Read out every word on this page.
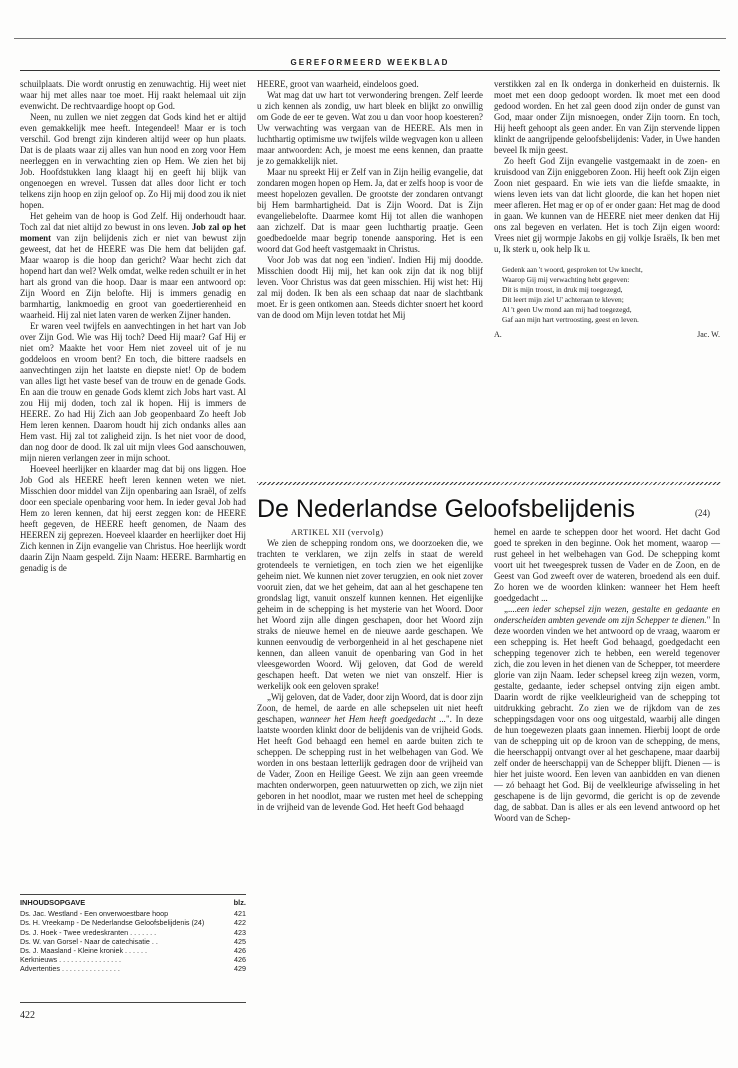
GEREFORMEERD WEEKBLAD

schuilplaats. Die wordt onrustig en zenuwachtig. Hij weet niet waar hij met alles naar toe moet. Hij raakt helemaal uit zijn evenwicht. De rechtvaardige hoopt op God.

Neen, nu zullen we niet zeggen dat Gods kind het er altijd even gemakkelijk mee heeft. Integendeel! Maar er is toch verschil. God brengt zijn kinderen altijd weer op hun plaats. Dat is de plaats waar zij alles van hun nood en zorg voor Hem neerleggen en in verwachting zien op Hem. We zien het bij Job. Hoofdstukken lang klaagt hij en geeft hij blijk van ongenoegen en wrevel. Tussen dat alles door licht er toch telkens zijn hoop en zijn geloof op. Zo Hij mij dood zou ik niet hopen.

Het geheim van de hoop is God Zelf. Hij onderhoudt haar. Toch zal dat niet altijd zo bewust in ons leven. Job zal op het moment van zijn belijdenis zich er niet van bewust zijn geweest, dat het de HEERE was Die hem dat belijden gaf. Maar waarop is die hoop dan gericht? Waar hecht zich dat hopend hart dan wel? Welk omdat, welke reden schuilt er in het hart als grond van die hoop. Daar is maar een antwoord op: Zijn Woord en Zijn belofte. Hij is immers genadig en barmhartig, lankmoedig en groot van goedertierenheid en waarheid. Hij zal niet laten varen de werken Zijner handen.

Er waren veel twijfels en aanvechtingen in het hart van Job over Zijn God. Wie was Hij toch? Deed Hij maar? Gaf Hij er niet om? Maakte het voor Hem niet zoveel uit of je nu goddeloos en vroom bent? En toch, die bittere raadsels en aanvechtingen zijn het laatste en diepste niet! Op de bodem van alles ligt het vaste besef van de trouw en de genade Gods. En aan die trouw en genade Gods klemt zich Jobs hart vast. Al zou Hij mij doden, toch zal ik hopen. Hij is immers de HEERE. Zo had Hij Zich aan Job geopenbaard Zo heeft Job Hem leren kennen. Daarom houdt hij zich ondanks alles aan Hem vast. Hij zal tot zaligheid zijn. Is het niet voor de dood, dan nog door de dood. Ik zal uit mijn vlees God aanschouwen, mijn nieren verlangen zeer in mijn schoot.

Hoeveel heerlijker en klaarder mag dat bij ons liggen. Hoe Job God als HEERE heeft leren kennen weten we niet. Misschien door middel van Zijn openbaring aan Israël, of zelfs door een speciale openbaring voor hem. In ieder geval Job had Hem zo leren kennen, dat hij eerst zeggen kon: de HEERE heeft gegeven, de HEERE heeft genomen, de Naam des HEEREN zij geprezen. Hoeveel klaarder en heerlijker doet Hij Zich kennen in Zijn evangelie van Christus. Hoe heerlijk wordt daarin Zijn Naam gespeld. Zijn Naam: HEERE. Barmhartig en genadig is de

HEERE, groot van waarheid, eindeloos goed.

Wat mag dat uw hart tot verwondering brengen. Zelf leerde u zich kennen als zondig, uw hart bleek en blijkt zo onwillig om Gode de eer te geven. Wat zou u dan voor hoop koesteren? Uw verwachting was vergaan van de HEERE. Als men in luchthartig optimisme uw twijfels wilde wegvagen kon u alleen maar antwoorden: Ach, je moest me eens kennen, dan praatte je zo gemakkelijk niet.

Maar nu spreekt Hij er Zelf van in Zijn heilig evangelie, dat zondaren mogen hopen op Hem. Ja, dat er zelfs hoop is voor de meest hopelozen gevallen. De grootste der zondaren ontvangt bij Hem barmhartigheid. Dat is Zijn Woord. Dat is Zijn evangeliebelofte. Daarmee komt Hij tot allen die wanhopen aan zichzelf. Dat is maar geen luchthartig praatje. Geen goedbedoelde maar begrip tonende aansporing. Het is een woord dat God heeft vastgemaakt in Christus.

Voor Job was dat nog een 'indien'. Indien Hij mij doodde. Misschien doodt Hij mij, het kan ook zijn dat ik nog blijf leven. Voor Christus was dat geen misschien. Hij wist het: Hij zal mij doden. Ik ben als een schaap dat naar de slachtbank moet. Er is geen ontkomen aan. Steeds dichter snoert het koord van de dood om Mijn leven totdat het Mij

verstikken zal en Ik onderga in donkerheid en duisternis. Ik moet met een doop gedoopt worden. Ik moet met een dood gedood worden. En het zal geen dood zijn onder de gunst van God, maar onder Zijn misnoegen, onder Zijn toorn. En toch, Hij heeft gehoopt als geen ander. En van Zijn stervende lippen klinkt de aangrijpende geloofsbelijdenis: Vader, in Uwe handen beveel Ik mijn geest.

Zo heeft God Zijn evangelie vastgemaakt in de zoen- en kruisdood van Zijn eniggeboren Zoon. Hij heeft ook Zijn eigen Zoon niet gespaard. En wie iets van die liefde smaakte, in wiens leven iets van dat licht gloorde, die kan het hopen niet meer afleren. Het mag er op of er onder gaan: Het mag de dood in gaan. We kunnen van de HEERE niet meer denken dat Hij ons zal begeven en verlaten. Het is toch Zijn eigen woord: Vrees niet gij wormpje Jakobs en gij volkje Israëls, Ik ben met u, Ik sterk u, ook help Ik u.

Gedenk aan 't woord, gesproken tot Uw knecht,
Waarop Gij mij verwachting hebt gegeven:
Dit is mijn troost, in druk mij toegezegd,
Dit leert mijn ziel U' achteraan te kleven;
Al 't geen Uw mond aan mij had toegezegd,
Gaf aan mijn hart vertroosting, geest en leven.
A.	Jac. W.
De Nederlandse Geloofsbelijdenis	(24)

ARTIKEL XII (vervolg)

We zien de schepping rondom ons, we doorzoeken die, we trachten te verklaren, we zijn zelfs in staat de wereld grotendeels te vernietigen, en toch zien we het eigenlijke geheim niet. We kunnen niet zover terugzien, en ook niet zover vooruit zien, dat we het geheim, dat aan al het geschapene ten grondslag ligt, vanuit onszelf kunnen kennen. Het eigenlijke geheim in de schepping is het mysterie van het Woord. Door het Woord zijn alle dingen geschapen, door het Woord zijn straks de nieuwe hemel en de nieuwe aarde geschapen. We kunnen eenvoudig de verborgenheid in al het geschapene niet kennen, dan alleen vanuit de openbaring van God in het vleesgeworden Woord. Wij geloven, dat God de wereld geschapen heeft. Dat weten we niet van onszelf. Hier is werkelijk ook een geloven sprake!

„Wij geloven, dat de Vader, door zijn Woord, dat is door zijn Zoon, de hemel, de aarde en alle schepselen uit niet heeft geschapen, wanneer het Hem heeft goedgedacht ...". In deze laatste woorden klinkt door de belijdenis van de vrijheid Gods. Het heeft God behaagd een hemel en aarde buiten zich te scheppen. De schepping rust in het welbehagen van God. We worden in ons bestaan letterlijk gedragen door de vrijheid van de Vader, Zoon en Heilige Geest. We zijn aan geen vreemde machten onderworpen, geen natuurwetten op zich, we zijn niet geboren in het noodlot, maar we rusten met heel de schepping in de vrijheid van de levende God. Het heeft God behaagd

hemel en aarde te scheppen door het woord. Het dacht God goed te spreken in den beginne. Ook het moment, waarop — rust geheel in het welbehagen van God. De schepping komt voort uit het tweegesprek tussen de Vader en de Zoon, en de Geest van God zweeft over de wateren, broedend als een duif. Zo horen we de woorden klinken: wanneer het Hem heeft goedgedacht ...

„....een ieder schepsel zijn wezen, gestalte en gedaante en onderscheiden ambten gevende om zijn Schepper te dienen." In deze woorden vinden we het antwoord op de vraag, waarom er een schepping is. Het heeft God behaagd, goedgedacht een schepping tegenover zich te hebben, een wereld tegenover zich, die zou leven in het dienen van de Schepper, tot meerdere glorie van zijn Naam. Ieder schepsel kreeg zijn wezen, vorm, gestalte, gedaante, ieder schepsel ontving zijn eigen ambt. Daarin wordt de rijke veelkleurigheid van de schepping tot uitdrukking gebracht. Zo zien we de rijkdom van de zes scheppingsdagen voor ons oog uitgestald, waarbij alle dingen de hun toegewezen plaats gaan innemen. Hierbij loopt de orde van de schepping uit op de kroon van de schepping, de mens, die heerschappij ontvangt over al het geschapene, maar daarbij zelf onder de heerschappij van de Schepper blijft. Dienen — is hier het juiste woord. Een leven van aanbidden en van dienen — zó behaagt het God. Bij de veelkleurige afwisseling in het geschapene is de lijn gevormd, die gericht is op de zevende dag, de sabbat. Dan is alles er als een levend antwoord op het Woord van de Schep-

INHOUDSOPGAVE	blz.
Ds. Jac. Westland - Een onverwoestbare hoop	421
Ds. H. Vreekamp - De Nederlandse Geloofsbelijdenis (24)	422
Ds. J. Hoek - Twee vredeskranten . . . . . . .	423
Ds. W. van Gorsel - Naar de catechisatie . .	425
Ds. J. Maasland - Kleine kroniek . . . . . .	426
Kerknieuws . . . . . . . . . . . . . . . .	426
Advertenties . . . . . . . . . . . . . . .	429
422
